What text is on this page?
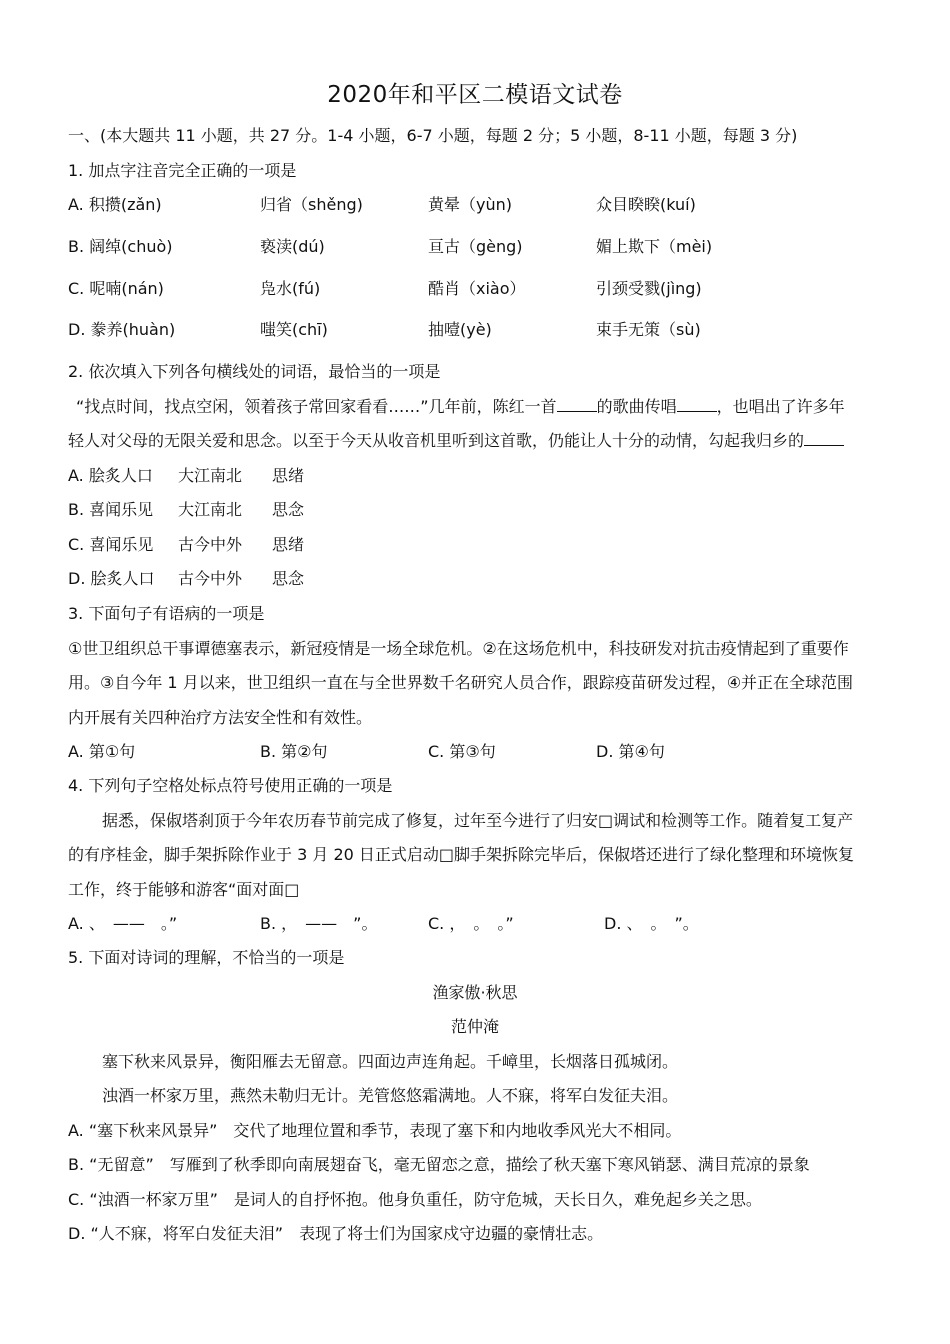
2020年和平区二模语文试卷
一、(本大题共 11 小题，共 27 分。1-4 小题，6-7 小题，每题 2 分；5 小题，8-11 小题，每题 3 分)
1. 加点字注音完全正确的一项是
A. 积攒(zǎn)	归省（shěng)	黄晕（yùn)	众目睽睽(kuí)
B. 阔绰(chuò)	亵渎(dú)	亘古（gèng)	媚上欺下（mèi)
C. 呢喃(nán)	凫水(fú)	酷肖（xiào）	引颈受戮(jìng)
D. 豢养(huàn)	嗤笑(chī)	抽噎(yè)	束手无策（sù)
2. 依次填入下列各句横线处的词语，最恰当的一项是
“找点时间，找点空闲，领着孩子常回家看看……”几年前，陈红一首	的歌曲传唱	，也唱出了许多年
轻人对父母的无限关爱和思念。以至于今天从收音机里听到这首歌，仍能让人十分的动情，勾起我归乡的
A. 脍炙人口 大江南北 思绪
B. 喜闻乐见 大江南北 思念
C. 喜闻乐见 古今中外 思绪
D. 脍炙人口 古今中外 思念
3. 下面句子有语病的一项是
①世卫组织总干事谭德塞表示，新冠疫情是一场全球危机。②在这场危机中，科技研发对抗击疫情起到了重要作
用。③自今年 1 月以来，世卫组织一直在与全世界数千名研究人员合作，跟踪疫苗研发过程，④并正在全球范围
内开展有关四种治疗方法安全性和有效性。
A. 第①句	B. 第②句	C. 第③句	D. 第④句
4. 下列句子空格处标点符号使用正确的一项是
据悉，保俶塔刹顶于今年农历春节前完成了修复，过年至今进行了归安□调试和检测等工作。随着复工复产
的有序桂金，脚手架拆除作业于 3 月 20 日正式启动□脚手架拆除完毕后，保俶塔还进行了绿化整理和环境恢复
工作，终于能够和游客“面对面□
A. 、　——　。”	B. ，　——　”。	C. ，　。　。”	D. 、　。　”。
5. 下面对诗词的理解，不恰当的一项是
渔家傲·秋思
范仲淹
塞下秋来风景异，衡阳雁去无留意。四面边声连角起。千嶂里，长烟落日孤城闭。
浊酒一杯家万里，燕然未勒归无计。羌管悠悠霜满地。人不寐，将军白发征夫泪。
A. “塞下秋来风景异”　交代了地理位置和季节，表现了塞下和内地收季风光大不相同。
B. “无留意”　写雁到了秋季即向南展翅奋飞，毫无留恋之意，描绘了秋天塞下寒风销瑟、满目荒凉的景象
C. “浊酒一杯家万里”　是词人的自抒怀抱。他身负重任，防守危城，天长日久，难免起乡关之思。
D. “人不寐，将军白发征夫泪”　表现了将士们为国家戍守边疆的豪情壮志。
